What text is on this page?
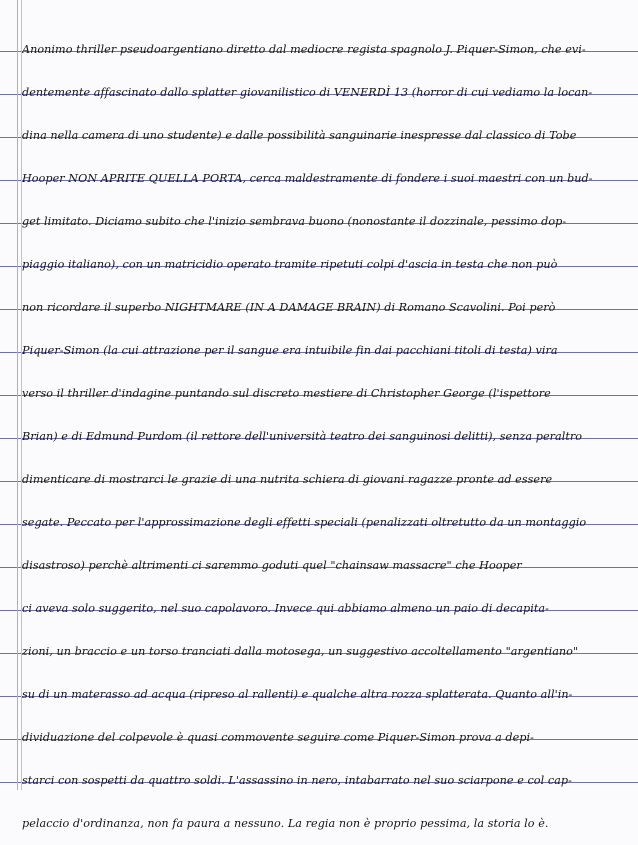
Anonimo thriller pseudoargentiano diretto dal mediocre regista spagnolo J. Piquer-Simon, che evi-
dentemente affascinato dallo splatter giovanilistico di VENERDÌ 13 (horror di cui vediamo la locan-
dina nella camera di uno studente) e dalle possibilità sanguinarie inespresse dal classico di Tobe
Hooper NON APRITE QUELLA PORTA, cerca maldestramente di fondere i suoi maestri con un bud-
get limitato. Diciamo subito che l'inizio sembrava buono (nonostante il dozzinale, pessimo dop-
piaggio italiano), con un matricidio operato tramite ripetuti colpi d'ascia in testa che non può
non ricordare il superbo NIGHTMARE (IN A DAMAGE BRAIN) di Romano Scavolini. Poi però
Piquer-Simon (la cui attrazione per il sangue era intuibile fin dai pacchiani titoli di testa) vira
verso il thriller d'indagine puntando sul discreto mestiere di Christopher George (l'ispettore
Brian) e di Edmund Purdom (il rettore dell'università teatro dei sanguinosi delitti), senza peraltro
dimenticare di mostrarci le grazie di una nutrita schiera di giovani ragazze pronte ad essere
segate. Peccato per l'approssimazione degli effetti speciali (penalizzati oltretutto da un montaggio
disastroso) perchè altrimenti ci saremmo goduti quel "chainsaw massacre" che Hooper
ci aveva solo suggerito, nel suo capolavoro. Invece qui abbiamo almeno un paio di decapita-
zioni, un braccio e un torso tranciati dalla motosega, un suggestivo accoltellamento "argentiano"
su di un materasso ad acqua (ripreso al rallenti) e qualche altra rozza splatterata. Quanto all'in-
dividuazione del colpevole è quasi commovente seguire come Piquer-Simon prova a depi-
starci con sospetti da quattro soldi. L'assassino in nero, intabarrato nel suo sciarpone e col cap-
pelaccio d'ordinanza, non fa paura a nessuno. La regia non è proprio pessima, la storia lo è.
